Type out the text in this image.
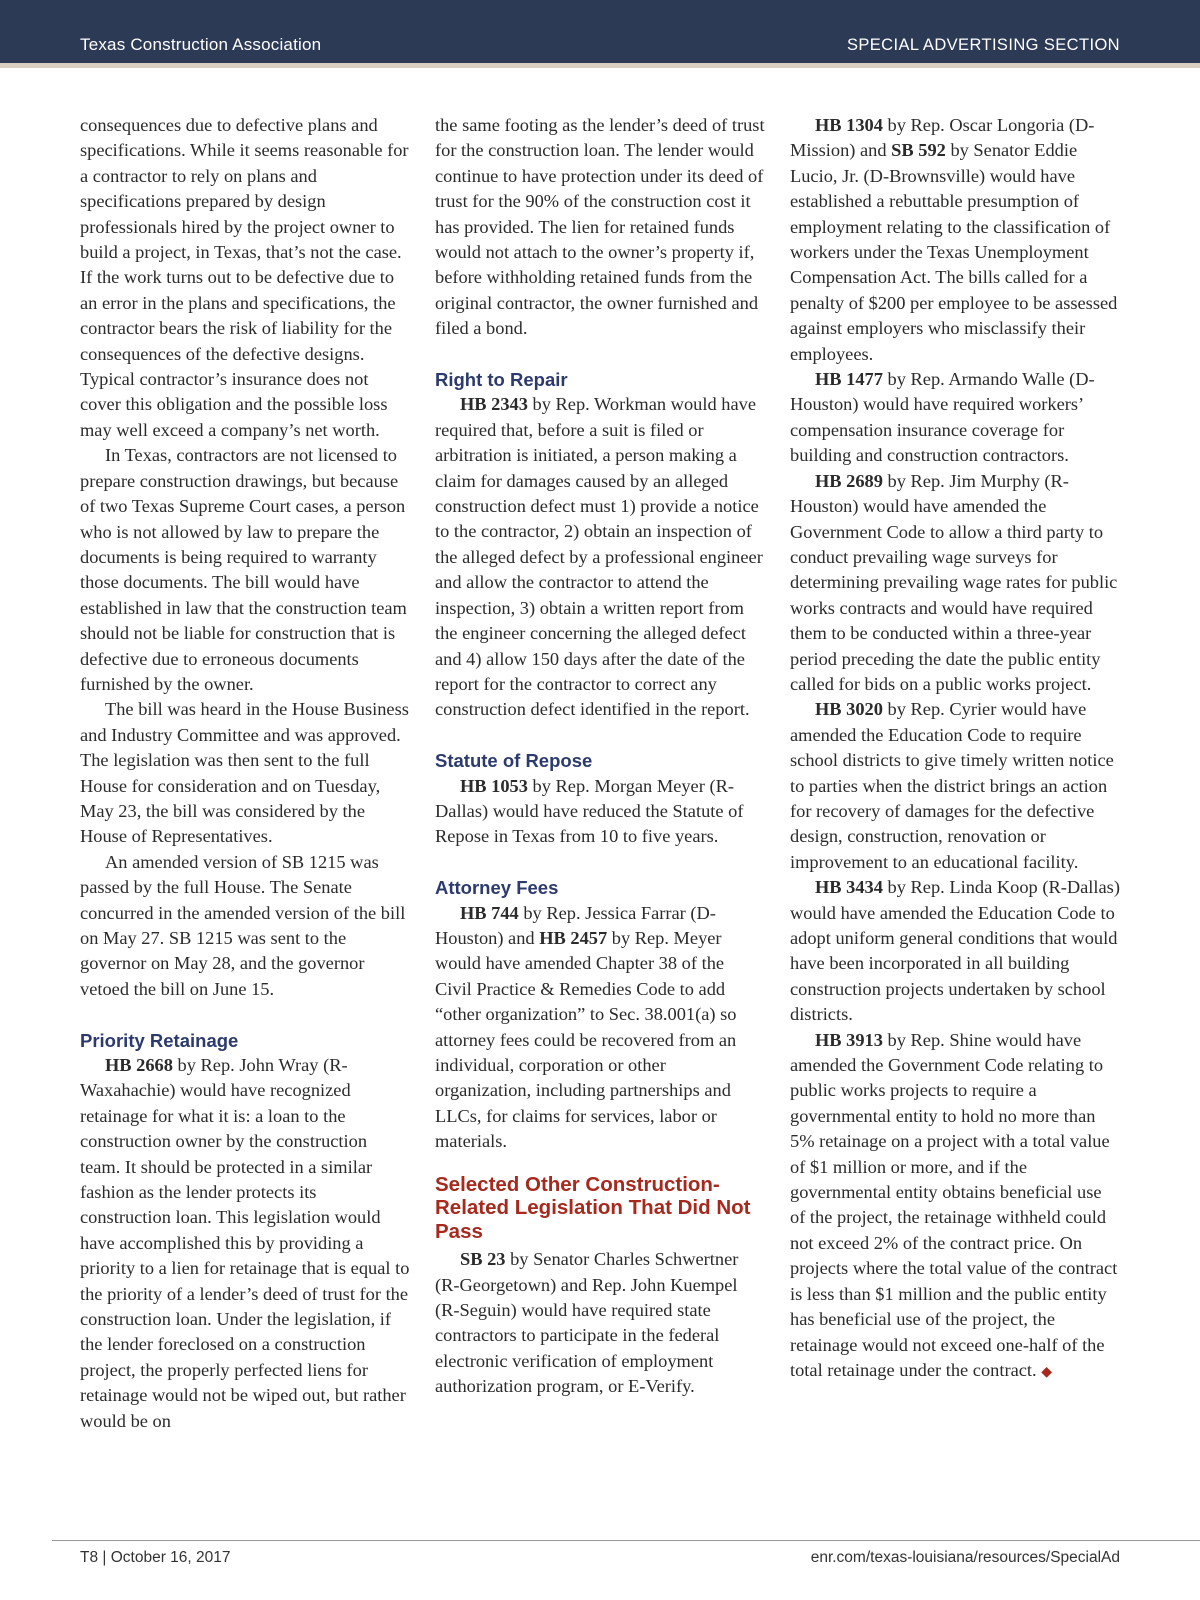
Texas Construction Association	SPECIAL ADVERTISING SECTION

consequences due to defective plans and specifications. While it seems reasonable for a contractor to rely on plans and specifications prepared by design professionals hired by the project owner to build a project, in Texas, that’s not the case. If the work turns out to be defective due to an error in the plans and specifications, the contractor bears the risk of liability for the consequences of the defective designs. Typical contractor’s insurance does not cover this obligation and the possible loss may well exceed a company’s net worth.

In Texas, contractors are not licensed to prepare construction drawings, but because of two Texas Supreme Court cases, a person who is not allowed by law to prepare the documents is being required to warranty those documents. The bill would have established in law that the construction team should not be liable for construction that is defective due to erroneous documents furnished by the owner.

The bill was heard in the House Business and Industry Committee and was approved. The legislation was then sent to the full House for consideration and on Tuesday, May 23, the bill was considered by the House of Representatives.

An amended version of SB 1215 was passed by the full House. The Senate concurred in the amended version of the bill on May 27. SB 1215 was sent to the governor on May 28, and the governor vetoed the bill on June 15.

Priority Retainage

HB 2668 by Rep. John Wray (R-Waxahachie) would have recognized retainage for what it is: a loan to the construction owner by the construction team. It should be protected in a similar fashion as the lender protects its construction loan. This legislation would have accomplished this by providing a priority to a lien for retainage that is equal to the priority of a lender’s deed of trust for the construction loan. Under the legislation, if the lender foreclosed on a construction project, the properly perfected liens for retainage would not be wiped out, but rather would be on

the same footing as the lender’s deed of trust for the construction loan. The lender would continue to have protection under its deed of trust for the 90% of the construction cost it has provided. The lien for retained funds would not attach to the owner’s property if, before withholding retained funds from the original contractor, the owner furnished and filed a bond.

Right to Repair

HB 2343 by Rep. Workman would have required that, before a suit is filed or arbitration is initiated, a person making a claim for damages caused by an alleged construction defect must 1) provide a notice to the contractor, 2) obtain an inspection of the alleged defect by a professional engineer and allow the contractor to attend the inspection, 3) obtain a written report from the engineer concerning the alleged defect and 4) allow 150 days after the date of the report for the contractor to correct any construction defect identified in the report.

Statute of Repose

HB 1053 by Rep. Morgan Meyer (R-Dallas) would have reduced the Statute of Repose in Texas from 10 to five years.

Attorney Fees

HB 744 by Rep. Jessica Farrar (D-Houston) and HB 2457 by Rep. Meyer would have amended Chapter 38 of the Civil Practice & Remedies Code to add “other organization” to Sec. 38.001(a) so attorney fees could be recovered from an individual, corporation or other organization, including partnerships and LLCs, for claims for services, labor or materials.

Selected Other Construction-Related Legislation That Did Not Pass

SB 23 by Senator Charles Schwertner (R-Georgetown) and Rep. John Kuempel (R-Seguin) would have required state contractors to participate in the federal electronic verification of employment authorization program, or E-Verify.

HB 1304 by Rep. Oscar Longoria (D-Mission) and SB 592 by Senator Eddie Lucio, Jr. (D-Brownsville) would have established a rebuttable presumption of employment relating to the classification of workers under the Texas Unemployment Compensation Act. The bills called for a penalty of $200 per employee to be assessed against employers who misclassify their employees.

HB 1477 by Rep. Armando Walle (D-Houston) would have required workers’ compensation insurance coverage for building and construction contractors.

HB 2689 by Rep. Jim Murphy (R-Houston) would have amended the Government Code to allow a third party to conduct prevailing wage surveys for determining prevailing wage rates for public works contracts and would have required them to be conducted within a three-year period preceding the date the public entity called for bids on a public works project.

HB 3020 by Rep. Cyrier would have amended the Education Code to require school districts to give timely written notice to parties when the district brings an action for recovery of damages for the defective design, construction, renovation or improvement to an educational facility.

HB 3434 by Rep. Linda Koop (R-Dallas) would have amended the Education Code to adopt uniform general conditions that would have been incorporated in all building construction projects undertaken by school districts.

HB 3913 by Rep. Shine would have amended the Government Code relating to public works projects to require a governmental entity to hold no more than 5% retainage on a project with a total value of $1 million or more, and if the governmental entity obtains beneficial use of the project, the retainage withheld could not exceed 2% of the contract price. On projects where the total value of the contract is less than $1 million and the public entity has beneficial use of the project, the retainage would not exceed one-half of the total retainage under the contract. ◆

T8 | October 16, 2017	enr.com/texas-louisiana/resources/SpecialAd
